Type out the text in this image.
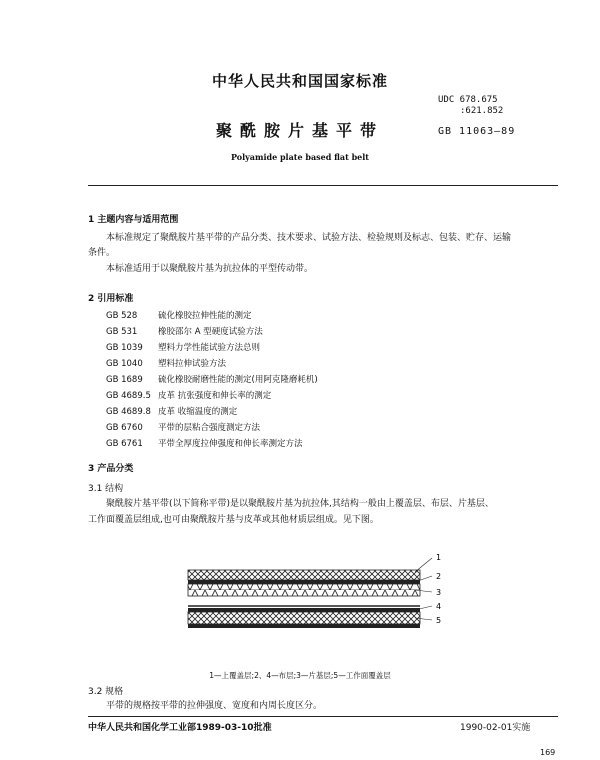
中华人民共和国国家标准
UDC 678.675
:621.852
聚酰胺片基平带	GB 11063—89
Polyamide plate based flat belt
1 主题内容与适用范围
本标准规定了聚酰胺片基平带的产品分类、技术要求、试验方法、检验规则及标志、包装、贮存、运输
条件。
本标准适用于以聚酰胺片基为抗拉体的平型传动带。
2 引用标准
GB 528 硫化橡胶拉伸性能的测定
GB 531 橡胶邵尔 A 型硬度试验方法
GB 1039 塑料力学性能试验方法总则
GB 1040 塑料拉伸试验方法
GB 1689 硫化橡胶耐磨性能的测定(用阿克隆磨耗机)
GB 4689.5 皮革 抗张强度和伸长率的测定
GB 4689.8 皮革 收缩温度的测定
GB 6760 平带的层粘合强度测定方法
GB 6761 平带全厚度拉伸强度和伸长率测定方法
3 产品分类
3.1 结构
聚酰胺片基平带(以下简称平带)是以聚酰胺片基为抗拉体,其结构一般由上覆盖层、布层、片基层、
工作面覆盖层组成,也可由聚酰胺片基与皮革或其他材质层组成。见下图。
1
2
3
4
5
1—上覆盖层;2、4—布层;3—片基层;5—工作面覆盖层
3.2 规格
平带的规格按平带的拉伸强度、宽度和内周长度区分。
中华人民共和国化学工业部1989-03-10批准	1990-02-01实施
169
